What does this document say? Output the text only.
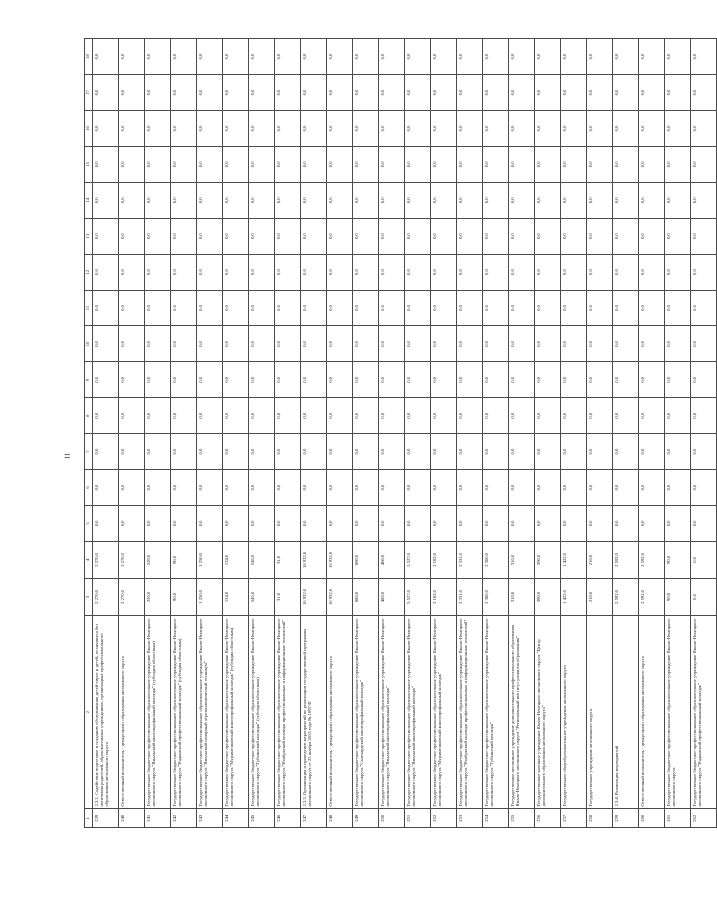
11
1	2	3	4	5	6	7	8	9	10	11	12	13	14	15	16	17	18
239	2.3.2. Содействие подготовке и созданию обслуживания детей-сирот и детей, оставшихся без попечения родителей, образовательных учреждениях, организациях профессионального образования автономного округа	2 270,0	2 270,0	0,0	0,0	0,0	0,0	0,0	0,0	0,0	0,0	0,0	0,0	0,0	0,0	0,0	0,0
240	Ответственный исполнитель - департамент образования автономного округа	2 270,0	2 270,0	0,0	0,0	0,0	0,0	0,0	0,0	0,0	0,0	0,0	0,0	0,0	0,0	0,0	0,0
241	Государственное бюджетное профессиональное образовательное учреждение Ямало-Ненецкого автономного округа "Ямальский многопрофильный колледж" (субсидия областным)	220,0	220,0	0,0	0,0	0,0	0,0	0,0	0,0	0,0	0,0	0,0	0,0	0,0	0,0	0,0	0,0
242	Государственное бюджетное профессиональное образовательное учреждение Ямало-Ненецкого автономного округа "Надымский профессиональный колледж" (субсидия областным)	90,0	90,0	0,0	0,0	0,0	0,0	0,0	0,0	0,0	0,0	0,0	0,0	0,0	0,0	0,0	0,0
243	Государственное бюджетное профессиональное образовательное учреждение Ямало-Ненецкого автономного округа "Ямальский полярный агроэкономический техникум"	1 250,0	1 250,0	0,0	0,0	0,0	0,0	0,0	0,0	0,0	0,0	0,0	0,0	0,0	0,0	0,0	0,0
244	Государственное бюджетное профессиональное образовательное учреждение Ямало-Ненецкого автономного округа "Муравленковский многопрофильный колледж" (субсидия областным)	134,0	134,0	0,0	0,0	0,0	0,0	0,0	0,0	0,0	0,0	0,0	0,0	0,0	0,0	0,0	0,0
245	Государственное бюджетное профессиональное образовательное учреждение Ямало-Ненецкого автономного округа "Губкинский колледж" (субсидия областным)	545,0	545,0	0,0	0,0	0,0	0,0	0,0	0,0	0,0	0,0	0,0	0,0	0,0	0,0	0,0	0,0
246	Государственное бюджетное профессиональное образовательное учреждение Ямало-Ненецкого автономного округа "Ноябрьский колледж профессиональных и информационных технологий"	31,0	31,0	0,0	0,0	0,0	0,0	0,0	0,0	0,0	0,0	0,0	0,0	0,0	0,0	0,0	0,0
247	2.3.3. Организация и проведение мероприятий по реализации государственной программы автономного округа от 25 ноября 2013 года № 1097-П	16 932,0	16 932,0	0,0	0,0	0,0	0,0	0,0	0,0	0,0	0,0	0,0	0,0	0,0	0,0	0,0	0,0
248	Ответственный исполнитель - департамент образования автономного округа	16 932,0	16 932,0	0,0	0,0	0,0	0,0	0,0	0,0	0,0	0,0	0,0	0,0	0,0	0,0	0,0	0,0
249	Государственное бюджетное профессиональное образовательное учреждение Ямало-Ненецкого автономного округа "Салехардский многопрофильный колледж"	880,0	880,0	0,0	0,0	0,0	0,0	0,0	0,0	0,0	0,0	0,0	0,0	0,0	0,0	0,0	0,0
250	Государственное бюджетное профессиональное образовательное учреждение Ямало-Ненецкого автономного округа "Ямальский многопрофильный колледж"	480,0	480,0	0,0	0,0	0,0	0,0	0,0	0,0	0,0	0,0	0,0	0,0	0,0	0,0	0,0	0,0
251	Государственное бюджетное профессиональное образовательное учреждение Ямало-Ненецкого автономного округа "Ямальский многопрофильный колледж"	5 527,0	5 527,0	0,0	0,0	0,0	0,0	0,0	0,0	0,0	0,0	0,0	0,0	0,0	0,0	0,0	0,0
252	Государственное бюджетное профессиональное образовательное учреждение Ямало-Ненецкого автономного округа "Муравленковский многопрофильный колледж"	2 182,0	2 182,0	0,0	0,0	0,0	0,0	0,0	0,0	0,0	0,0	0,0	0,0	0,0	0,0	0,0	0,0
253	Государственное бюджетное профессиональное образовательное учреждение Ямало-Ненецкого автономного округа "Ноябрьский колледж профессиональных и информационных технологий"	2 331,0	2 331,0	0,0	0,0	0,0	0,0	0,0	0,0	0,0	0,0	0,0	0,0	0,0	0,0	0,0	0,0
254	Государственное бюджетное профессиональное образовательное учреждение Ямало-Ненецкого автономного округа "Губкинский колледж"	2 300,0	2 300,0	0,0	0,0	0,0	0,0	0,0	0,0	0,0	0,0	0,0	0,0	0,0	0,0	0,0	0,0
255	Государственное автономное учреждение дополнительного профессионального образования Ямало-Ненецкого автономного округа "Региональный институт развития образования"	310,0	310,0	0,0	0,0	0,0	0,0	0,0	0,0	0,0	0,0	0,0	0,0	0,0	0,0	0,0	0,0
256	Государственное казенное учреждение Ямало-Ненецкого автономного округа "Центр дополнительного образования автономного округа"	390,0	390,0	0,0	0,0	0,0	0,0	0,0	0,0	0,0	0,0	0,0	0,0	0,0	0,0	0,0	0,0
257	Государственное общеобразовательное учреждение автономного округа	1 422,0	1 422,0	0,0	0,0	0,0	0,0	0,0	0,0	0,0	0,0	0,0	0,0	0,0	0,0	0,0	0,0
258	Государственное учреждение автономного округа	210,0	210,0	0,0	0,0	0,0	0,0	0,0	0,0	0,0	0,0	0,0	0,0	0,0	0,0	0,0	0,0
259	2.3.4. Реализация мероприятий	2 592,0	2 592,0	0,0	0,0	0,0	0,0	0,0	0,0	0,0	0,0	0,0	0,0	0,0	0,0	0,0	0,0
260	Ответственный исполнитель - департамент образования автономного округа	2 592,0	2 592,0	0,0	0,0	0,0	0,0	0,0	0,0	0,0	0,0	0,0	0,0	0,0	0,0	0,0	0,0
261	Государственное бюджетное профессиональное образовательное учреждение Ямало-Ненецкого автономного округа	90,0	90,0	0,0	0,0	0,0	0,0	0,0	0,0	0,0	0,0	0,0	0,0	0,0	0,0	0,0	0,0
262	Государственное бюджетное профессиональное образовательное учреждение Ямало-Ненецкого автономного округа "Надымский профессиональный колледж"	0,0	0,0	0,0	0,0	0,0	0,0	0,0	0,0	0,0	0,0	0,0	0,0	0,0	0,0	0,0	0,0
